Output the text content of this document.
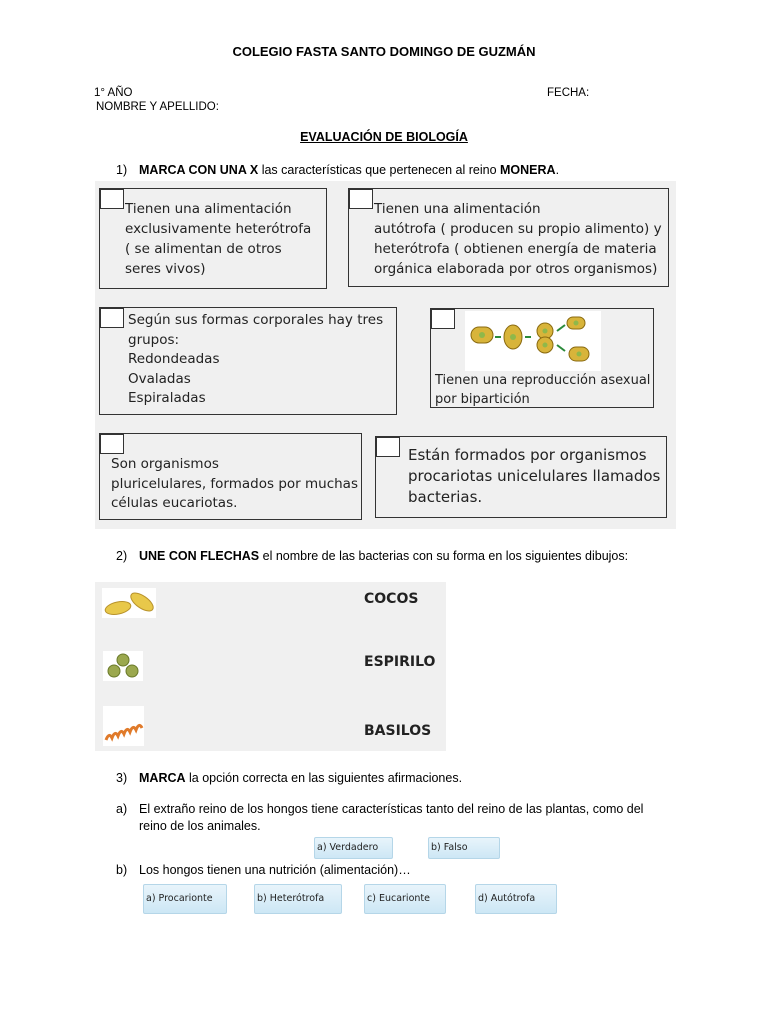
COLEGIO FASTA SANTO DOMINGO DE GUZMÁN
1° AÑO	FECHA:
NOMBRE Y APELLIDO:
EVALUACIÓN DE BIOLOGÍA
1) MARCA CON UNA X las características que pertenecen al reino MONERA.
Tienen una alimentación
exclusivamente heterótrofa
( se alimentan de otros
seres vivos)
Tienen una alimentación
autótrofa ( producen su propio alimento) y
heterótrofa ( obtienen energía de materia
orgánica elaborada por otros organismos)
Según sus formas corporales hay tres
grupos:
Redondeadas
Ovaladas
Espiraladas
Tienen una reproducción asexual
por bipartición
Son organismos
pluricelulares, formados por muchas
células eucariotas.
Están formados por organismos
procariotas unicelulares llamados
bacterias.
2) UNE CON FLECHAS el nombre de las bacterias con su forma en los siguientes dibujos:
COCOS
ESPIRILO
BASILOS
3) MARCA la opción correcta en las siguientes afirmaciones.
a) El extraño reino de los hongos tiene características tanto del reino de las plantas, como del
reino de los animales.
a) Verdadero	b) Falso
b) Los hongos tienen una nutrición (alimentación)…
a) Procarionte	b) Heterótrofa	c) Eucarionte	d) Autótrofa
